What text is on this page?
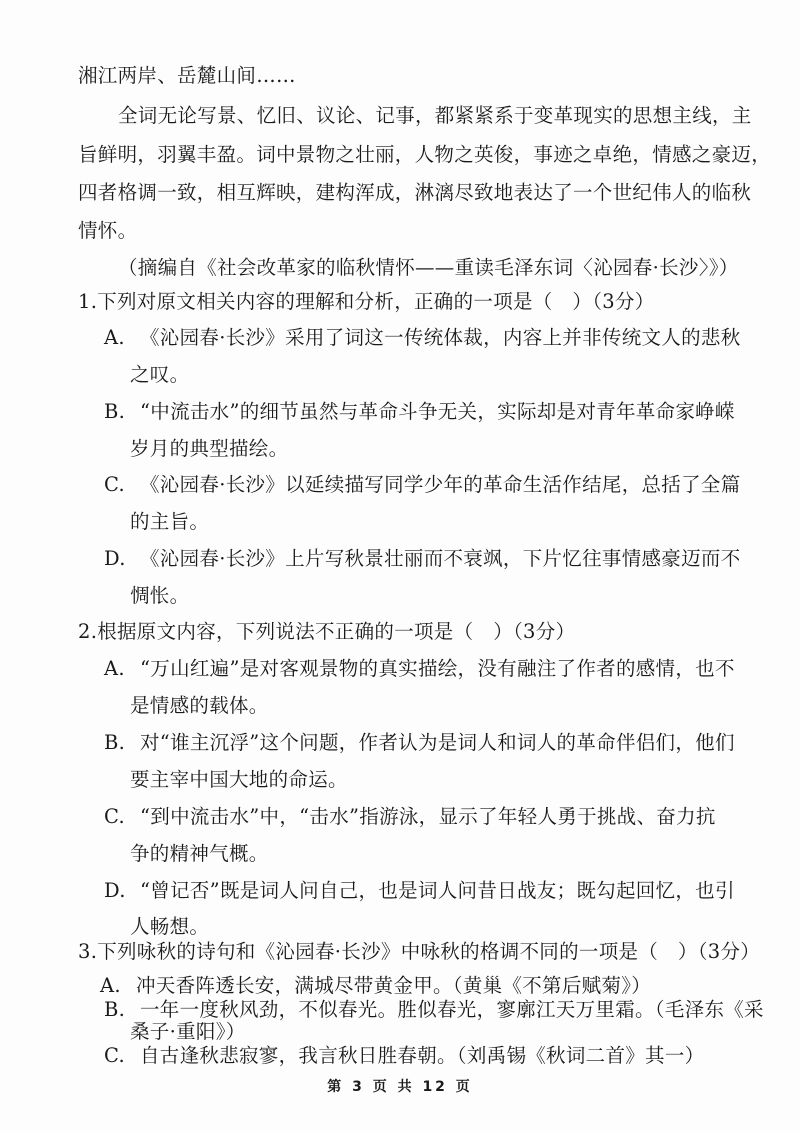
湘江两岸、岳麓山间……
全词无论写景、忆旧、议论、记事，都紧紧系于变革现实的思想主线，主
旨鲜明，羽翼丰盈。词中景物之壮丽，人物之英俊，事迹之卓绝，情感之豪迈，
四者格调一致，相互辉映，建构浑成，淋漓尽致地表达了一个世纪伟人的临秋
情怀。
（摘编自《社会改革家的临秋情怀——重读毛泽东词〈沁园春·长沙〉》）
1.下列对原文相关内容的理解和分析，正确的一项是（　）（3分）
A. 《沁园春·长沙》采用了词这一传统体裁，内容上并非传统文人的悲秋
之叹。
B. “中流击水”的细节虽然与革命斗争无关，实际却是对青年革命家峥嵘
岁月的典型描绘。
C. 《沁园春·长沙》以延续描写同学少年的革命生活作结尾，总括了全篇
的主旨。
D. 《沁园春·长沙》上片写秋景壮丽而不衰飒，下片忆往事情感豪迈而不
惆怅。
2.根据原文内容，下列说法不正确的一项是（　）（3分）
A. “万山红遍”是对客观景物的真实描绘，没有融注了作者的感情，也不
是情感的载体。
B. 对“谁主沉浮”这个问题，作者认为是词人和词人的革命伴侣们，他们
要主宰中国大地的命运。
C. “到中流击水”中，“击水”指游泳，显示了年轻人勇于挑战、奋力抗
争的精神气概。
D. “曾记否”既是词人问自己，也是词人问昔日战友；既勾起回忆，也引
人畅想。
3.下列咏秋的诗句和《沁园春·长沙》中咏秋的格调不同的一项是（　）（3分）
A. 冲天香阵透长安，满城尽带黄金甲。（黄巢《不第后赋菊》）
B. 一年一度秋风劲，不似春光。胜似春光，寥廓江天万里霜。（毛泽东《采
桑子·重阳》）
第 3 页 共 12 页
C. 自古逢秋悲寂寥，我言秋日胜春朝。（刘禹锡《秋词二首》其一）
